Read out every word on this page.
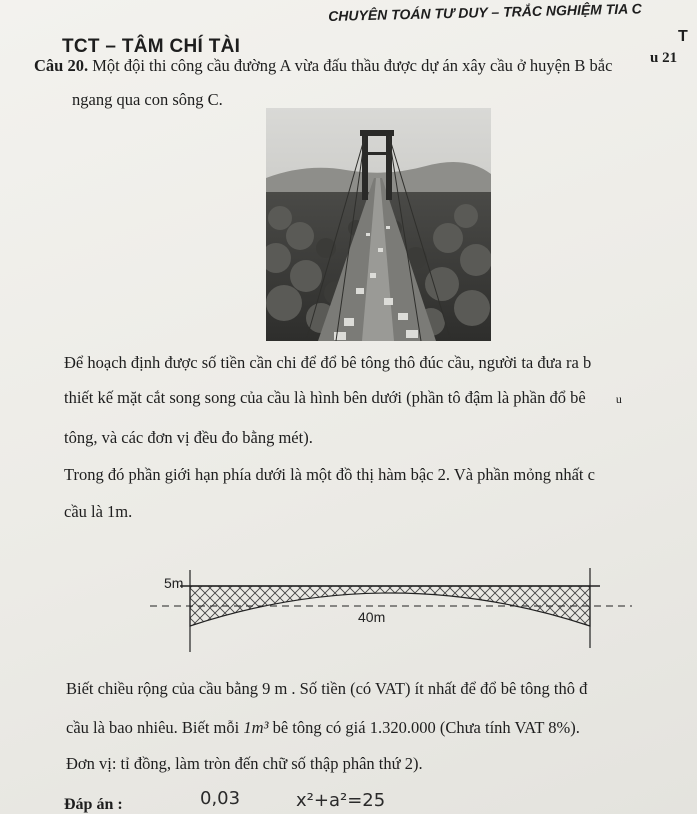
TCT – TÂM CHÍ TÀI
CHUYÊN TOÁN TƯ DUY – TRẮC NGHIỆM TIA C
T
u 21
Câu 20. Một đội thi công cầu đường A vừa đấu thầu được dự án xây cầu ở huyện B bắc
ngang qua con sông C.
Để hoạch định được số tiền cần chi để đổ bê tông thô đúc cầu, người ta đưa ra b
thiết kế mặt cắt song song của cầu là hình bên dưới (phần tô đậm là phần đổ bê	u
tông, và các đơn vị đều đo bằng mét).
Trong đó phần giới hạn phía dưới là một đồ thị hàm bậc 2. Và phần mỏng nhất c
cầu là 1m.
5m
40m
Biết chiều rộng của cầu bằng 9 m . Số tiền (có VAT) ít nhất để đổ bê tông thô đ
cầu là bao nhiêu. Biết mỗi 1m³ bê tông có giá 1.320.000 (Chưa tính VAT 8%).
Đơn vị: tỉ đồng, làm tròn đến chữ số thập phân thứ 2).
Đáp án :	0,03	x²+a²=25
